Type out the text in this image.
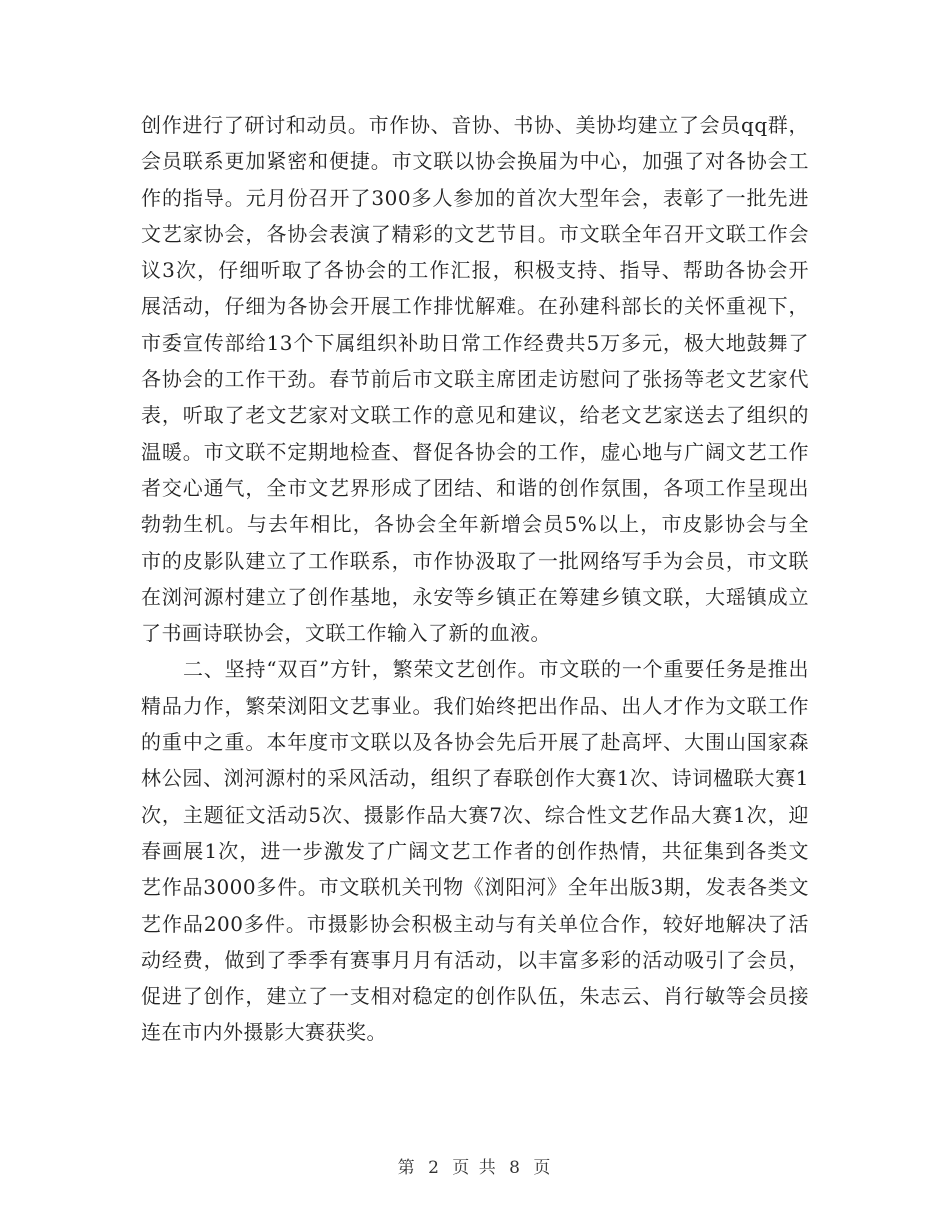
创作进行了研讨和动员。市作协、音协、书协、美协均建立了会员qq群，会员联系更加紧密和便捷。市文联以协会换届为中心，加强了对各协会工作的指导。元月份召开了300多人参加的首次大型年会，表彰了一批先进文艺家协会，各协会表演了精彩的文艺节目。市文联全年召开文联工作会议3次，仔细听取了各协会的工作汇报，积极支持、指导、帮助各协会开展活动，仔细为各协会开展工作排忧解难。在孙建科部长的关怀重视下，市委宣传部给13个下属组织补助日常工作经费共5万多元，极大地鼓舞了各协会的工作干劲。春节前后市文联主席团走访慰问了张扬等老文艺家代表，听取了老文艺家对文联工作的意见和建议，给老文艺家送去了组织的温暖。市文联不定期地检查、督促各协会的工作，虚心地与广阔文艺工作者交心通气，全市文艺界形成了团结、和谐的创作氛围，各项工作呈现出勃勃生机。与去年相比，各协会全年新增会员5%以上，市皮影协会与全市的皮影队建立了工作联系，市作协汲取了一批网络写手为会员，市文联在浏河源村建立了创作基地，永安等乡镇正在筹建乡镇文联，大瑶镇成立了书画诗联协会，文联工作输入了新的血液。

二、坚持“双百”方针，繁荣文艺创作。市文联的一个重要任务是推出精品力作，繁荣浏阳文艺事业。我们始终把出作品、出人才作为文联工作的重中之重。本年度市文联以及各协会先后开展了赴高坪、大围山国家森林公园、浏河源村的采风活动，组织了春联创作大赛1次、诗词楹联大赛1次，主题征文活动5次、摄影作品大赛7次、综合性文艺作品大赛1次，迎春画展1次，进一步激发了广阔文艺工作者的创作热情，共征集到各类文艺作品3000多件。市文联机关刊物《浏阳河》全年出版3期，发表各类文艺作品200多件。市摄影协会积极主动与有关单位合作，较好地解决了活动经费，做到了季季有赛事月月有活动，以丰富多彩的活动吸引了会员，促进了创作，建立了一支相对稳定的创作队伍，朱志云、肖行敏等会员接连在市内外摄影大赛获奖。

第 2 页 共 8 页
